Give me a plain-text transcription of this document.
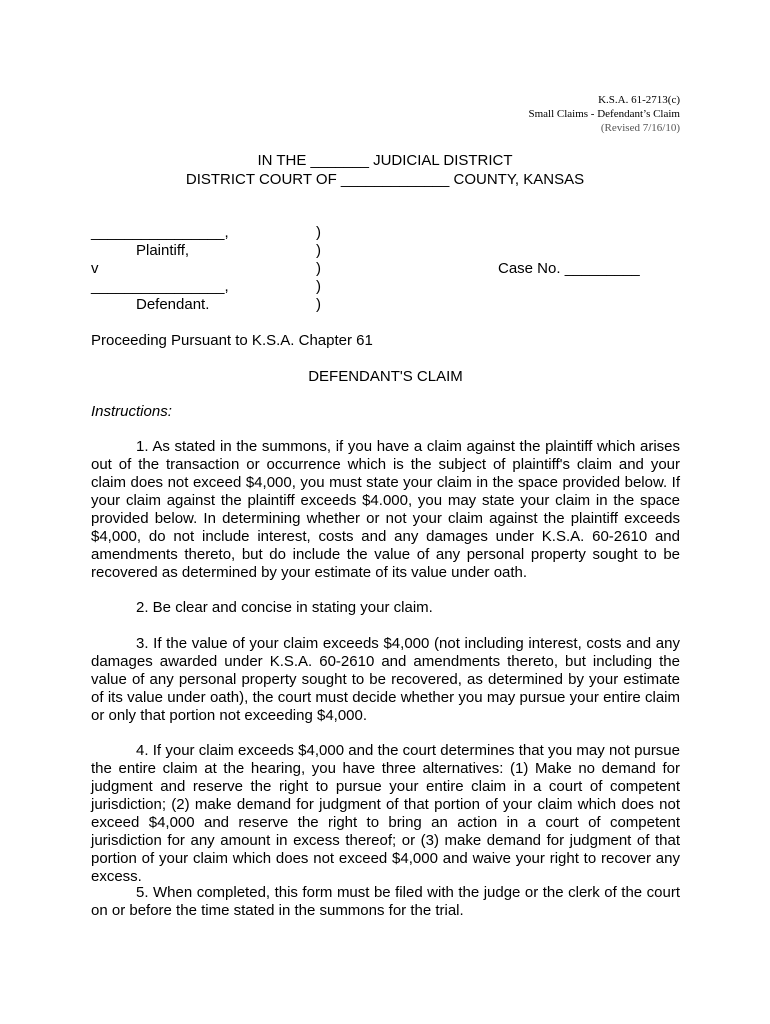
K.S.A. 61-2713(c)
Small Claims - Defendant’s Claim
(Revised 7/16/10)
IN THE _______ JUDICIAL DISTRICT
DISTRICT COURT OF _____________ COUNTY, KANSAS
________________,
Plaintiff,
v
________________,
Defendant.
)
)
)
)
)
Case No. _________
Proceeding Pursuant to K.S.A. Chapter 61
DEFENDANT'S CLAIM
Instructions:
1. As stated in the summons, if you have a claim against the plaintiff which arises out of the transaction or occurrence which is the subject of plaintiff's claim and your claim does not exceed $4,000, you must state your claim in the space provided below. If your claim against the plaintiff exceeds $4.000, you may state your claim in the space provided below. In determining whether or not your claim against the plaintiff exceeds $4,000, do not include interest, costs and any damages under K.S.A. 60-2610 and amendments thereto, but do include the value of any personal property sought to be recovered as determined by your estimate of its value under oath.
2. Be clear and concise in stating your claim.
3. If the value of your claim exceeds $4,000 (not including interest, costs and any damages awarded under K.S.A. 60-2610 and amendments thereto, but including the value of any personal property sought to be recovered, as determined by your estimate of its value under oath), the court must decide whether you may pursue your entire claim or only that portion not exceeding $4,000.
4. If your claim exceeds $4,000 and the court determines that you may not pursue the entire claim at the hearing, you have three alternatives: (1) Make no demand for judgment and reserve the right to pursue your entire claim in a court of competent jurisdiction; (2) make demand for judgment of that portion of your claim which does not exceed $4,000 and reserve the right to bring an action in a court of competent jurisdiction for any amount in excess thereof; or (3) make demand for judgment of that portion of your claim which does not exceed $4,000 and waive your right to recover any excess.
5. When completed, this form must be filed with the judge or the clerk of the court on or before the time stated in the summons for the trial.
